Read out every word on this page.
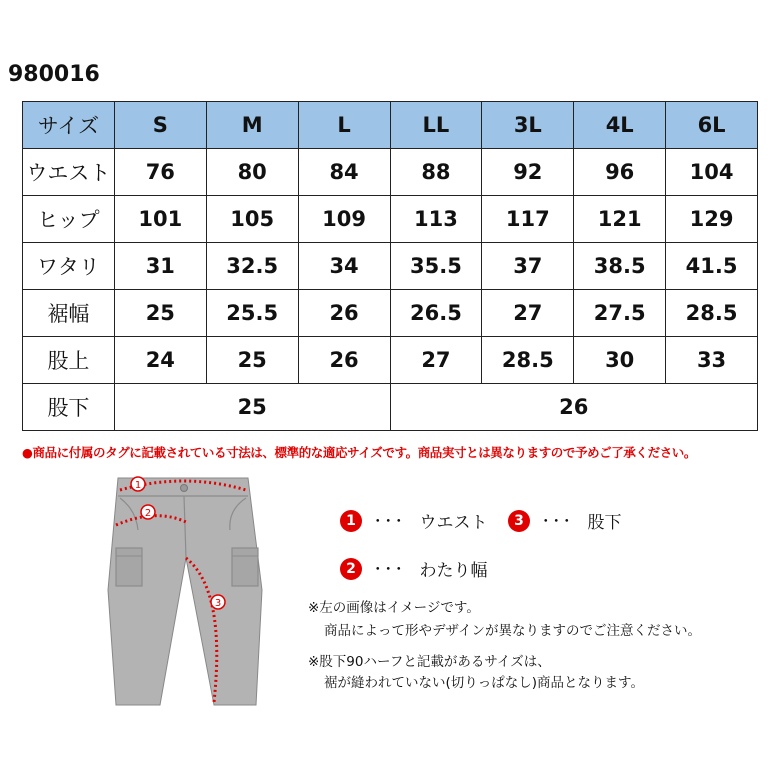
980016
サイズ	S	M	L	LL	3L	4L	6L
ウエスト	76	80	84	88	92	96	104
ヒップ	101	105	109	113	117	121	129
ワタリ	31	32.5	34	35.5	37	38.5	41.5
裾幅	25	25.5	26	26.5	27	27.5	28.5
股上	24	25	26	27	28.5	30	33
股下	25			26			
●商品に付属のタグに記載されている寸法は、標準的な適応サイズです。商品実寸とは異なりますので予めご了承ください。
1
2
3
1	･･･ ウエスト	3	･･･ 股下
2	･･･ わたり幅
※左の画像はイメージです。
商品によって形やデザインが異なりますのでご注意ください。
※股下90ハーフと記載があるサイズは、
裾が縫われていない(切りっぱなし)商品となります。
